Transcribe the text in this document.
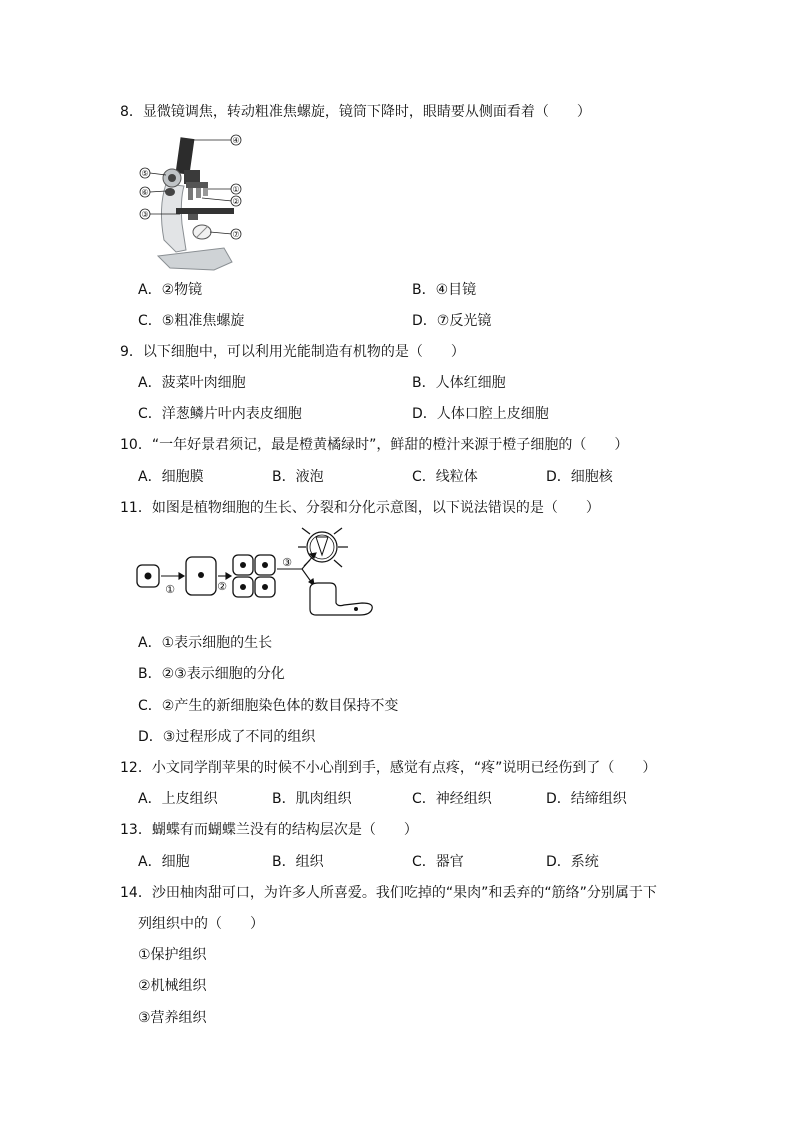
8．显微镜调焦，转动粗准焦螺旋，镜筒下降时，眼睛要从侧面看着（　　）
④
⑤
⑥
③
①
②
⑦
A．②物镜	B．④目镜
C．⑤粗准焦螺旋	D．⑦反光镜
9．以下细胞中，可以利用光能制造有机物的是（　　）
A．菠菜叶肉细胞	B．人体红细胞
C．洋葱鳞片叶内表皮细胞	D．人体口腔上皮细胞
10．“一年好景君须记，最是橙黄橘绿时”，鲜甜的橙汁来源于橙子细胞的（　　）
A．细胞膜	B．液泡	C．线粒体	D．细胞核
11．如图是植物细胞的生长、分裂和分化示意图，以下说法错误的是（　　）
①	②
③
A．①表示细胞的生长
B．②③表示细胞的分化
C．②产生的新细胞染色体的数目保持不变
D．③过程形成了不同的组织
12．小文同学削苹果的时候不小心削到手，感觉有点疼，“疼”说明已经伤到了（　　）
A．上皮组织	B．肌肉组织	C．神经组织	D．结缔组织
13．蝴蝶有而蝴蝶兰没有的结构层次是（　　）
A．细胞	B．组织	C．器官	D．系统
14．沙田柚肉甜可口，为许多人所喜爱。我们吃掉的“果肉”和丢弃的“筋络”分别属于下
列组织中的（　　）
①保护组织
②机械组织
③营养组织
